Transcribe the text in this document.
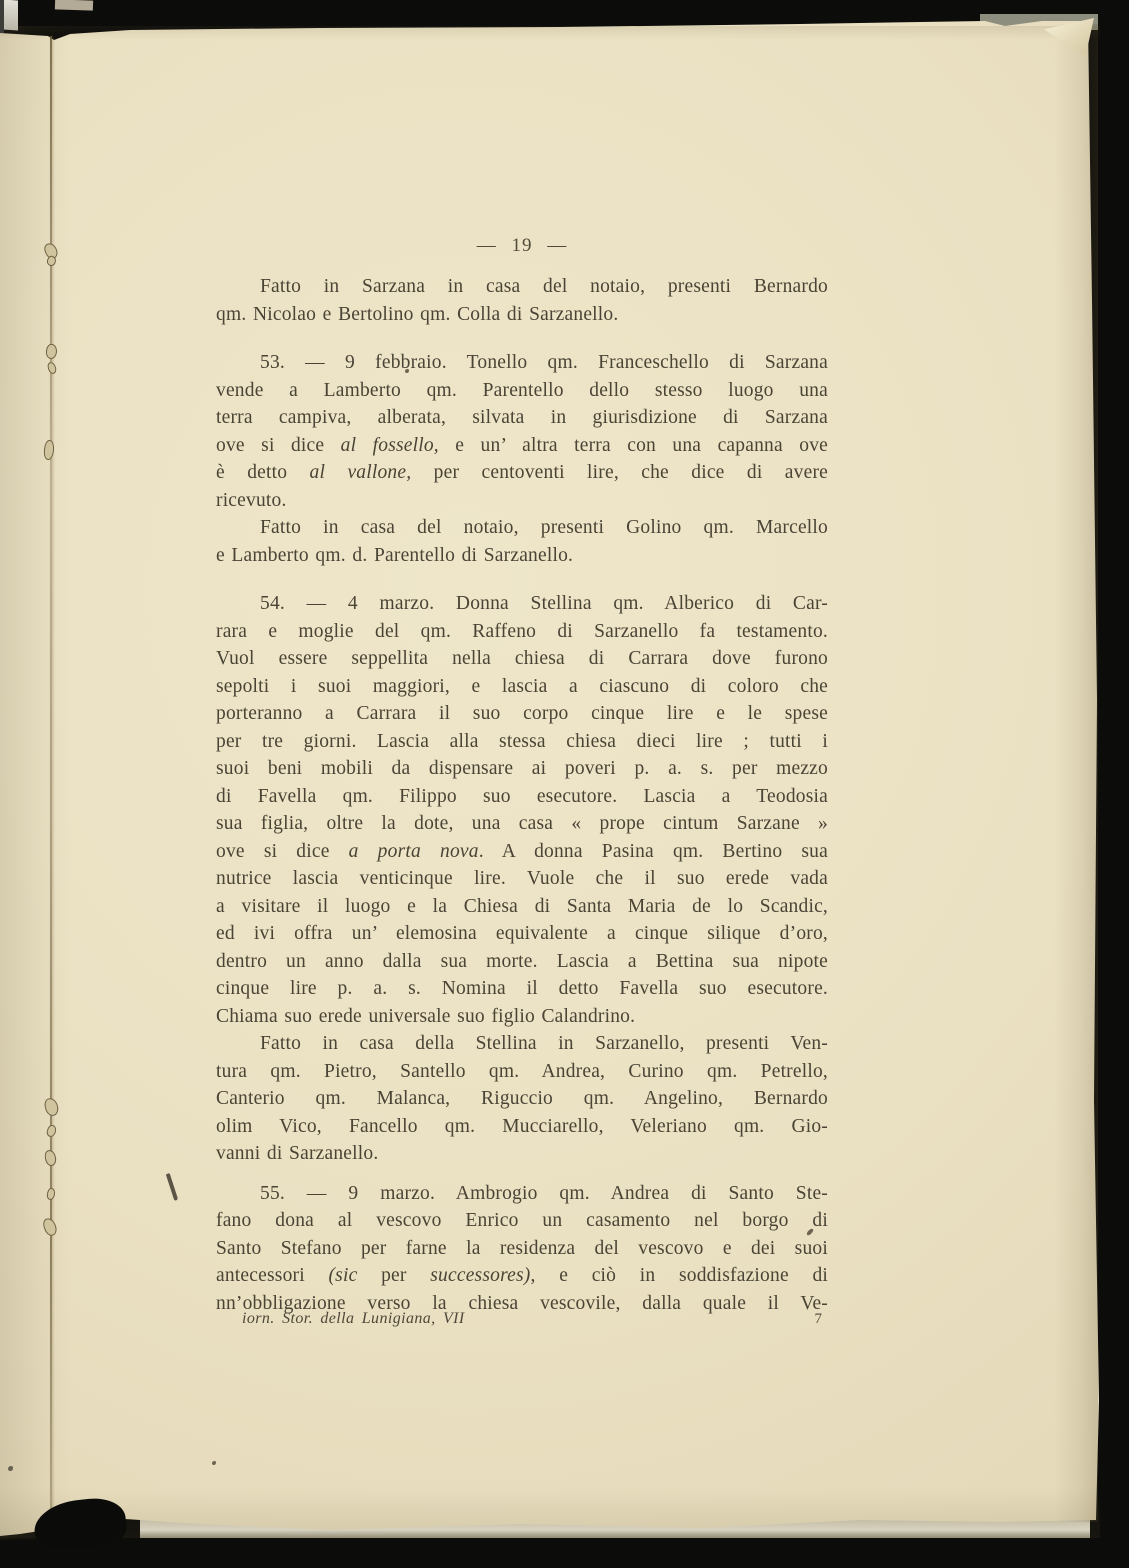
— 19 —
Fatto in Sarzana in casa del notaio, presenti Bernardo
qm. Nicolao e Bertolino qm. Colla di Sarzanello.
53. — 9 febbraio. Tonello qm. Franceschello di Sarzana
vende a Lamberto qm. Parentello dello stesso luogo una
terra campiva, alberata, silvata in giurisdizione di Sarzana
ove si dice al fossello, e un’ altra terra con una capanna ove
è detto al vallone, per centoventi lire, che dice di avere
ricevuto.
Fatto in casa del notaio, presenti Golino qm. Marcello
e Lamberto qm. d. Parentello di Sarzanello.
54. — 4 marzo. Donna Stellina qm. Alberico di Car-
rara e moglie del qm. Raffeno di Sarzanello fa testamento.
Vuol essere seppellita nella chiesa di Carrara dove furono
sepolti i suoi maggiori, e lascia a ciascuno di coloro che
porteranno a Carrara il suo corpo cinque lire e le spese
per tre giorni. Lascia alla stessa chiesa dieci lire ; tutti i
suoi beni mobili da dispensare ai poveri p. a. s. per mezzo
di Favella qm. Filippo suo esecutore. Lascia a Teodosia
sua figlia, oltre la dote, una casa « prope cintum Sarzane »
ove si dice a porta nova. A donna Pasina qm. Bertino sua
nutrice lascia venticinque lire. Vuole che il suo erede vada
a visitare il luogo e la Chiesa di Santa Maria de lo Scandic,
ed ivi offra un’ elemosina equivalente a cinque silique d’oro,
dentro un anno dalla sua morte. Lascia a Bettina sua nipote
cinque lire p. a. s. Nomina il detto Favella suo esecutore.
Chiama suo erede universale suo figlio Calandrino.
Fatto in casa della Stellina in Sarzanello, presenti Ven-
tura qm. Pietro, Santello qm. Andrea, Curino qm. Petrello,
Canterio qm. Malanca, Riguccio qm. Angelino, Bernardo
olim Vico, Fancello qm. Mucciarello, Veleriano qm. Gio-
vanni di Sarzanello.
55. — 9 marzo. Ambrogio qm. Andrea di Santo Ste-
fano dona al vescovo Enrico un casamento nel borgo di
Santo Stefano per farne la residenza del vescovo e dei suoi
antecessori (sic per successores), e ciò in soddisfazione di
nn’obbligazione verso la chiesa vescovile, dalla quale il Ve-
iorn. Stor. della Lunigiana, VII	7
